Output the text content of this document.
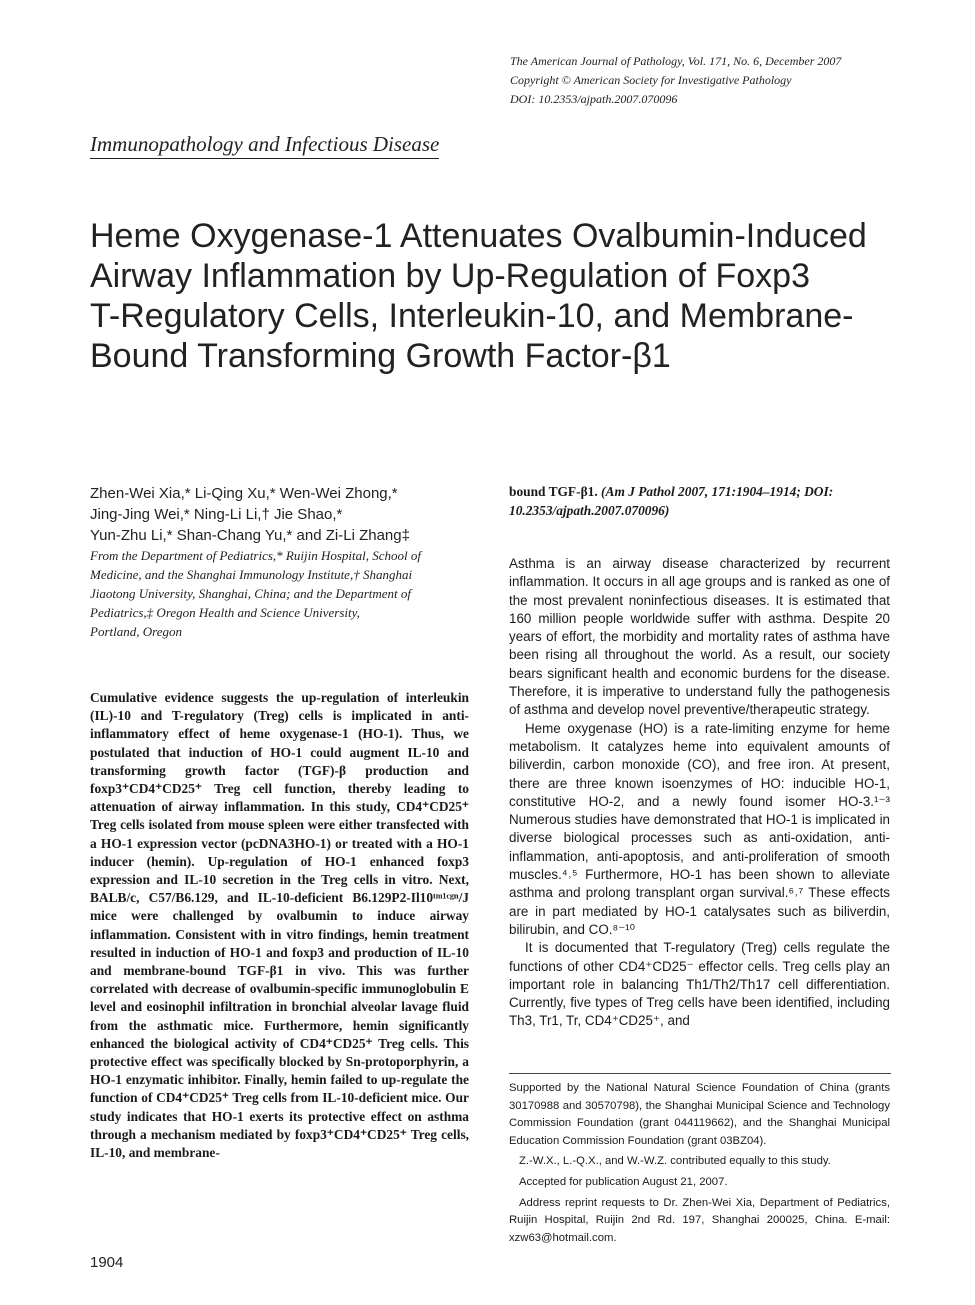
The American Journal of Pathology, Vol. 171, No. 6, December 2007
Copyright © American Society for Investigative Pathology
DOI: 10.2353/ajpath.2007.070096
Immunopathology and Infectious Disease
Heme Oxygenase-1 Attenuates Ovalbumin-Induced
Airway Inflammation by Up-Regulation of Foxp3
T-Regulatory Cells, Interleukin-10, and Membrane-
Bound Transforming Growth Factor-β1
Zhen-Wei Xia,* Li-Qing Xu,* Wen-Wei Zhong,*
Jing-Jing Wei,* Ning-Li Li,† Jie Shao,*
Yun-Zhu Li,* Shan-Chang Yu,* and Zi-Li Zhang‡
From the Department of Pediatrics,* Ruijin Hospital, School of
Medicine, and the Shanghai Immunology Institute,† Shanghai
Jiaotong University, Shanghai, China; and the Department of
Pediatrics,‡ Oregon Health and Science University,
Portland, Oregon
Cumulative evidence suggests the up-regulation of interleukin (IL)-10 and T-regulatory (Treg) cells is implicated in anti-inflammatory effect of heme oxygenase-1 (HO-1). Thus, we postulated that induction of HO-1 could augment IL-10 and transforming growth factor (TGF)-β production and foxp3⁺CD4⁺CD25⁺ Treg cell function, thereby leading to attenuation of airway inflammation. In this study, CD4⁺CD25⁺ Treg cells isolated from mouse spleen were either transfected with a HO-1 expression vector (pcDNA3HO-1) or treated with a HO-1 inducer (hemin). Up-regulation of HO-1 enhanced foxp3 expression and IL-10 secretion in the Treg cells in vitro. Next, BALB/c, C57/B6.129, and IL-10-deficient B6.129P2-Il10ᵗᵐ¹ᶜᵍⁿ/J mice were challenged by ovalbumin to induce airway inflammation. Consistent with in vitro findings, hemin treatment resulted in induction of HO-1 and foxp3 and production of IL-10 and membrane-bound TGF-β1 in vivo. This was further correlated with decrease of ovalbumin-specific immunoglobulin E level and eosinophil infiltration in bronchial alveolar lavage fluid from the asthmatic mice. Furthermore, hemin significantly enhanced the biological activity of CD4⁺CD25⁺ Treg cells. This protective effect was specifically blocked by Sn-protoporphyrin, a HO-1 enzymatic inhibitor. Finally, hemin failed to up-regulate the function of CD4⁺CD25⁺ Treg cells from IL-10-deficient mice. Our study indicates that HO-1 exerts its protective effect on asthma through a mechanism mediated by foxp3⁺CD4⁺CD25⁺ Treg cells, IL-10, and membrane-
bound TGF-β1. (Am J Pathol 2007, 171:1904–1914; DOI: 10.2353/ajpath.2007.070096)

Asthma is an airway disease characterized by recurrent inflammation. It occurs in all age groups and is ranked as one of the most prevalent noninfectious diseases. It is estimated that 160 million people worldwide suffer with asthma. Despite 20 years of effort, the morbidity and mortality rates of asthma have been rising all throughout the world. As a result, our society bears significant health and economic burdens for the disease. Therefore, it is imperative to understand fully the pathogenesis of asthma and develop novel preventive/therapeutic strategy.

Heme oxygenase (HO) is a rate-limiting enzyme for heme metabolism. It catalyzes heme into equivalent amounts of biliverdin, carbon monoxide (CO), and free iron. At present, there are three known isoenzymes of HO: inducible HO-1, constitutive HO-2, and a newly found isomer HO-3.¹⁻³ Numerous studies have demonstrated that HO-1 is implicated in diverse biological processes such as anti-oxidation, anti-inflammation, anti-apoptosis, and anti-proliferation of smooth muscles.⁴˒⁵ Furthermore, HO-1 has been shown to alleviate asthma and prolong transplant organ survival.⁶˒⁷ These effects are in part mediated by HO-1 catalysates such as biliverdin, bilirubin, and CO.⁸⁻¹⁰

It is documented that T-regulatory (Treg) cells regulate the functions of other CD4⁺CD25⁻ effector cells. Treg cells play an important role in balancing Th1/Th2/Th17 cell differentiation. Currently, five types of Treg cells have been identified, including Th3, Tr1, Tr, CD4⁺CD25⁺, and

Supported by the National Natural Science Foundation of China (grants 30170988 and 30570798), the Shanghai Municipal Science and Technology Commission Foundation (grant 044119662), and the Shanghai Municipal Education Commission Foundation (grant 03BZ04).

Z.-W.X., L.-Q.X., and W.-W.Z. contributed equally to this study.

Accepted for publication August 21, 2007.

Address reprint requests to Dr. Zhen-Wei Xia, Department of Pediatrics, Ruijin Hospital, Ruijin 2nd Rd. 197, Shanghai 200025, China. E-mail: xzw63@hotmail.com.

1904
